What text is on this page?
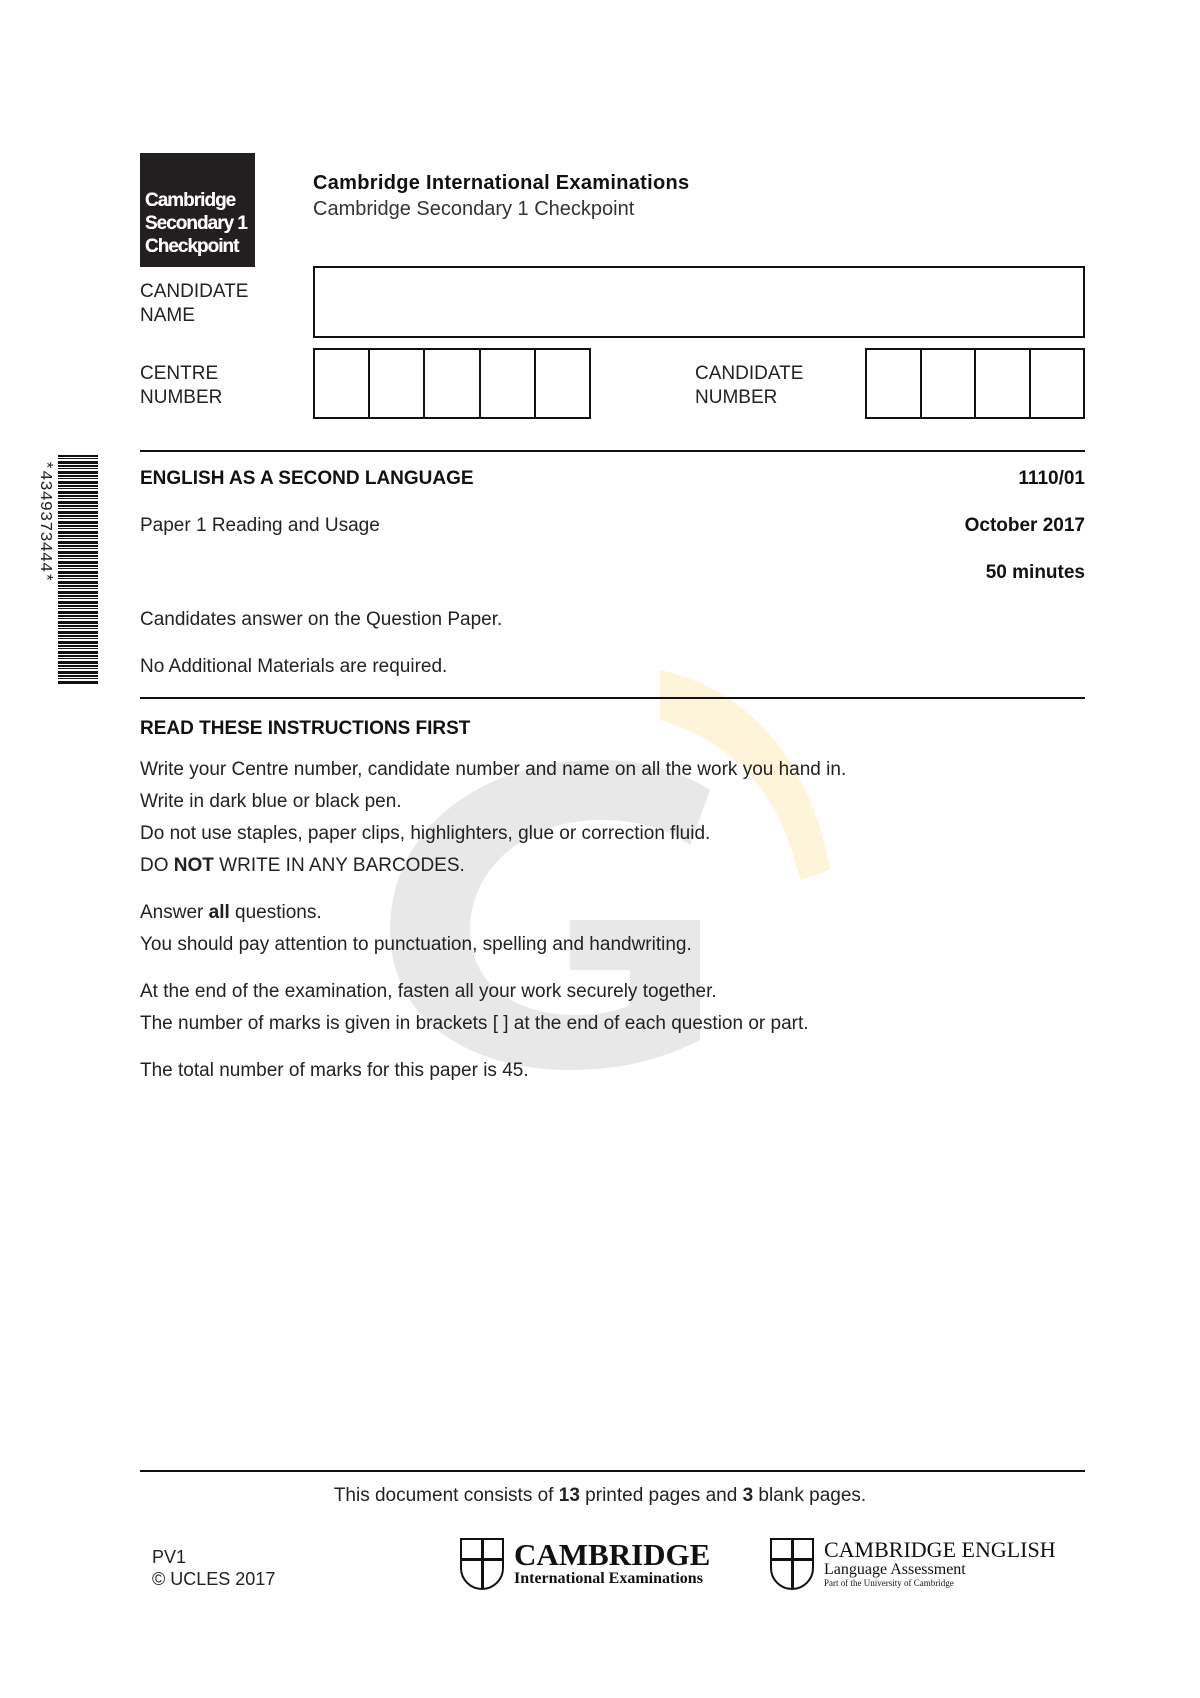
Cambridge
Secondary 1
Checkpoint
Cambridge International Examinations
Cambridge Secondary 1 Checkpoint
CANDIDATE
NAME
CENTRE
NUMBER
CANDIDATE
NUMBER
*4349373444*	ENGLISH AS A SECOND LANGUAGE	1110/01
Paper 1 Reading and Usage	October 2017
50 minutes
Candidates answer on the Question Paper.
No Additional Materials are required.
READ THESE INSTRUCTIONS FIRST

Write your Centre number, candidate number and name on all the work you hand in.

Write in dark blue or black pen.

Do not use staples, paper clips, highlighters, glue or correction fluid.

DO NOT WRITE IN ANY BARCODES.

Answer all questions.

You should pay attention to punctuation, spelling and handwriting.

At the end of the examination, fasten all your work securely together.

The number of marks is given in brackets [ ] at the end of each question or part.

The total number of marks for this paper is 45.

This document consists of 13 printed pages and 3 blank pages.
PV1
© UCLES 2017
CAMBRIDGE
International Examinations
CAMBRIDGE ENGLISH
Language Assessment
Part of the University of Cambridge
